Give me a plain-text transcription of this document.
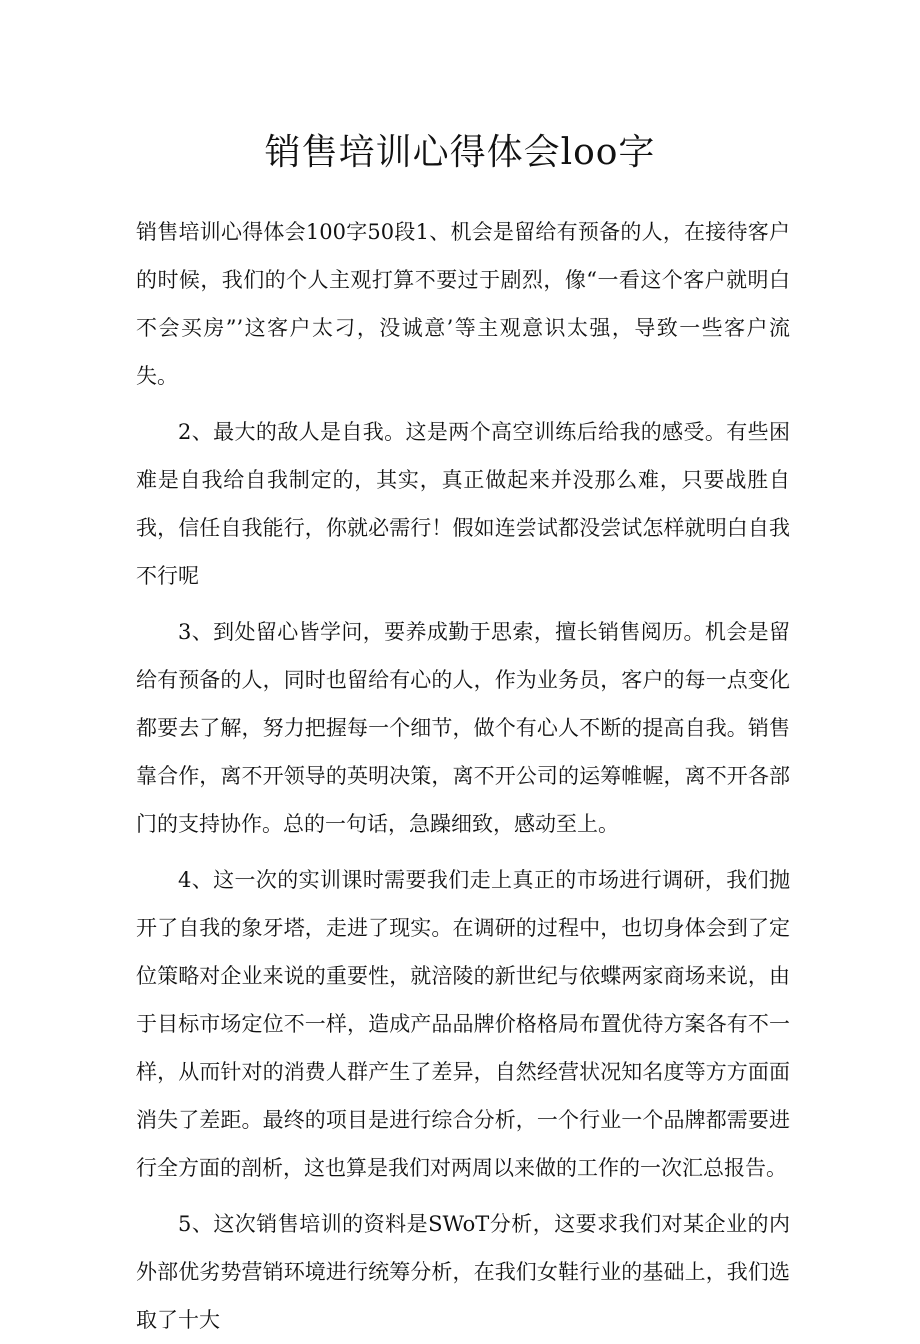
销售培训心得体会loo字

销售培训心得体会100字50段1、机会是留给有预备的人，在接待客户的时候，我们的个人主观打算不要过于剧烈，像“一看这个客户就明白不会买房”’这客户太刁，没诚意’等主观意识太强，导致一些客户流失。

2、最大的敌人是自我。这是两个高空训练后给我的感受。有些困难是自我给自我制定的，其实，真正做起来并没那么难，只要战胜自我，信任自我能行，你就必需行！假如连尝试都没尝试怎样就明白自我不行呢

3、到处留心皆学问，要养成勤于思索，擅长销售阅历。机会是留给有预备的人，同时也留给有心的人，作为业务员，客户的每一点变化都要去了解，努力把握每一个细节，做个有心人不断的提高自我。销售靠合作，离不开领导的英明决策，离不开公司的运筹帷幄，离不开各部门的支持协作。总的一句话，急躁细致，感动至上。

4、这一次的实训课时需要我们走上真正的市场进行调研，我们抛开了自我的象牙塔，走进了现实。在调研的过程中，也切身体会到了定位策略对企业来说的重要性，就涪陵的新世纪与依蝶两家商场来说，由于目标市场定位不一样，造成产品品牌价格格局布置优待方案各有不一样，从而针对的消费人群产生了差异，自然经营状况知名度等方方面面消失了差距。最终的项目是进行综合分析，一个行业一个品牌都需要进行全方面的剖析，这也算是我们对两周以来做的工作的一次汇总报告。

5、这次销售培训的资料是SWoT分析，这要求我们对某企业的内外部优劣势营销环境进行统筹分析，在我们女鞋行业的基础上，我们选取了十大
